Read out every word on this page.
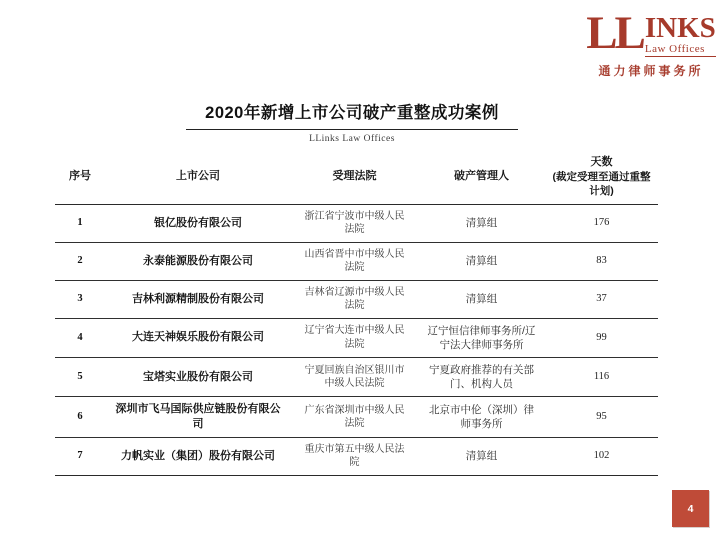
LL INKS
Law Offices
通力律师事务所
2020年新增上市公司破产重整成功案例
LLinks Law Offices
序号	上市公司	受理法院	破产管理人	天数
(裁定受理至通过重整计划)

1	银亿股份有限公司	浙江省宁波市中级人民法院	清算组	176
2	永泰能源股份有限公司	山西省晋中市中级人民法院	清算组	83
3	吉林利源精制股份有限公司	吉林省辽源市中级人民法院	清算组	37
4	大连天神娱乐股份有限公司	辽宁省大连市中级人民法院	辽宁恒信律师事务所/辽宁法大律师事务所	99
5	宝塔实业股份有限公司	宁夏回族自治区银川市中级人民法院	宁夏政府推荐的有关部门、机构人员	116
6	深圳市飞马国际供应链股份有限公司	广东省深圳市中级人民法院	北京市中伦（深圳）律师事务所	95
7	力帆实业（集团）股份有限公司	重庆市第五中级人民法院	清算组	102
4
